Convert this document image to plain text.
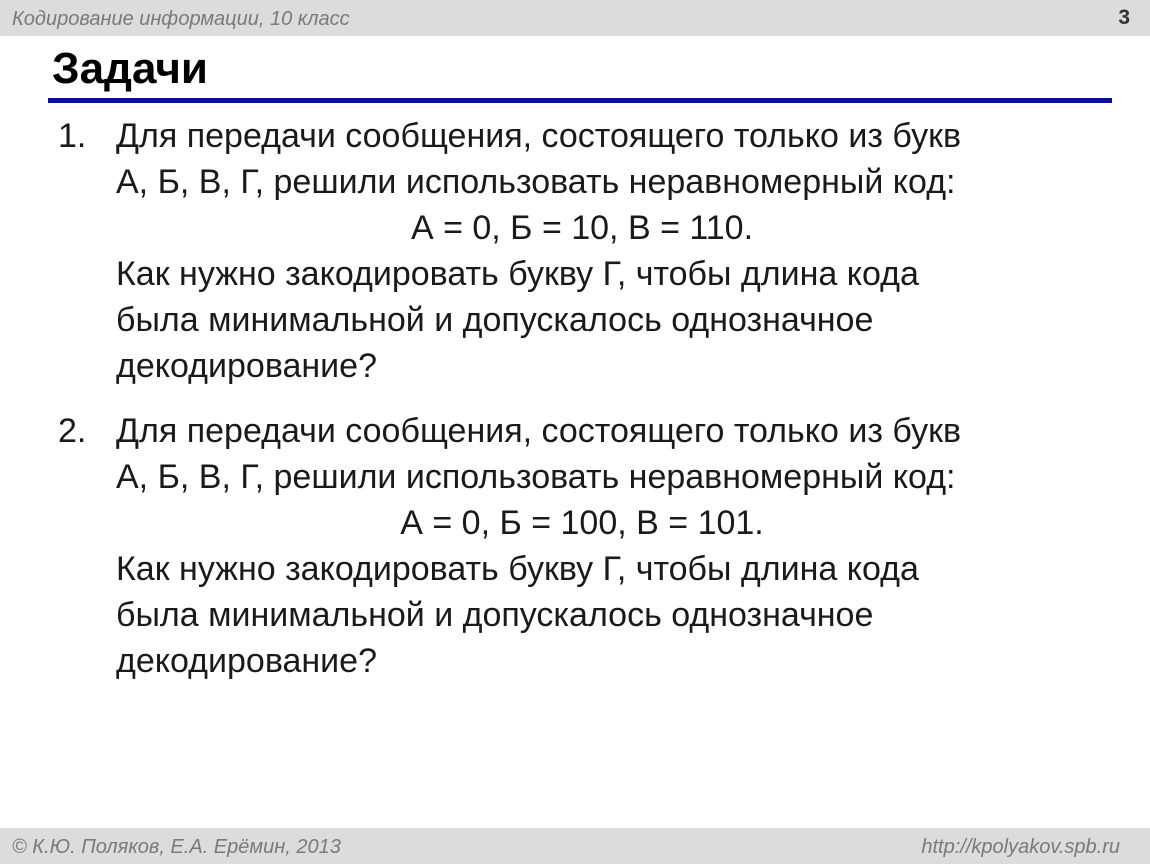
Кодирование информации, 10 класс	3
Задачи
1. Для передачи сообщения, состоящего только из букв
А, Б, В, Г, решили использовать неравномерный код:
А = 0, Б = 10, В = 110.
Как нужно закодировать букву Г, чтобы длина кода
была минимальной и допускалось однозначное
декодирование?
2. Для передачи сообщения, состоящего только из букв
А, Б, В, Г, решили использовать неравномерный код:
А = 0, Б = 100, В = 101.
Как нужно закодировать букву Г, чтобы длина кода
была минимальной и допускалось однозначное
декодирование?
© К.Ю. Поляков, Е.А. Ерёмин, 2013	http://kpolyakov.spb.ru
